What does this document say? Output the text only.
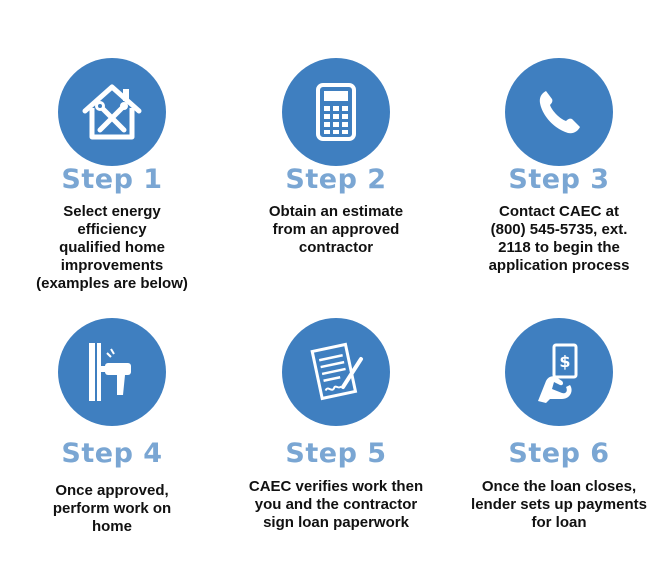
Step 1
Select energy
efficiency
qualified home
improvements
(examples are below)
Step 2
Obtain an estimate
from an approved
contractor
Step 3
Contact CAEC at
(800) 545-5735, ext.
2118 to begin the
application process
Step 4
Once approved,
perform work on
home
Step 5
CAEC verifies work then
you and the contractor
sign loan paperwork
$
Step 6
Once the loan closes,
lender sets up payments
for loan
